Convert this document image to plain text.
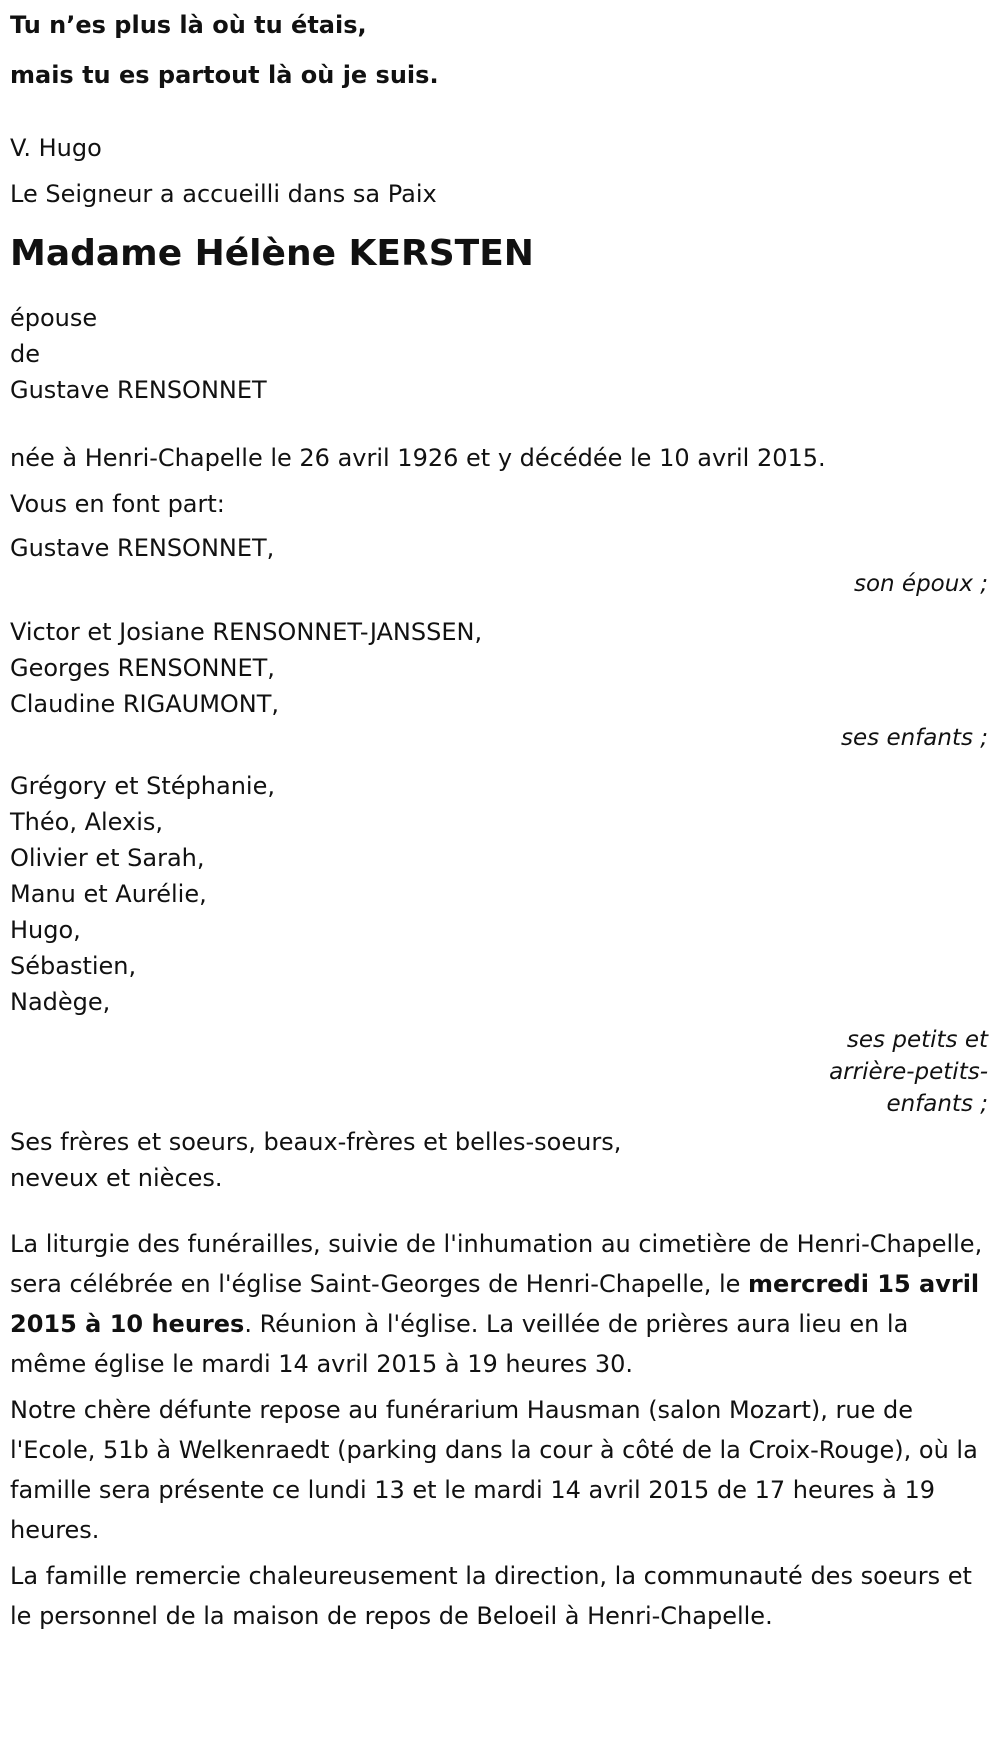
Tu n’es plus là où tu étais,
mais tu es partout là où je suis.
V. Hugo
Le Seigneur a accueilli dans sa Paix
Madame Hélène KERSTEN
épouse
de
Gustave RENSONNET
née à Henri-Chapelle le 26 avril 1926 et y décédée le 10 avril 2015.
Vous en font part:
Gustave RENSONNET,
son époux ;
Victor et Josiane RENSONNET-JANSSEN,
Georges RENSONNET,
Claudine RIGAUMONT,
ses enfants ;
Grégory et Stéphanie,
Théo, Alexis,
Olivier et Sarah,
Manu et Aurélie,
Hugo,
Sébastien,
Nadège,
ses petits et
arrière-petits-
enfants ;
Ses frères et soeurs, beaux-frères et belles-soeurs,
neveux et nièces.
La liturgie des funérailles, suivie de l'inhumation au cimetière de Henri-Chapelle, sera célébrée en l'église Saint-Georges de Henri-Chapelle, le mercredi 15 avril 2015 à 10 heures. Réunion à l'église. La veillée de prières aura lieu en la même église le mardi 14 avril 2015 à 19 heures 30.
Notre chère défunte repose au funérarium Hausman (salon Mozart), rue de l'Ecole, 51b à Welkenraedt (parking dans la cour à côté de la Croix-Rouge), où la famille sera présente ce lundi 13 et le mardi 14 avril 2015 de 17 heures à 19 heures.
La famille remercie chaleureusement la direction, la communauté des soeurs et le personnel de la maison de repos de Beloeil à Henri-Chapelle.
